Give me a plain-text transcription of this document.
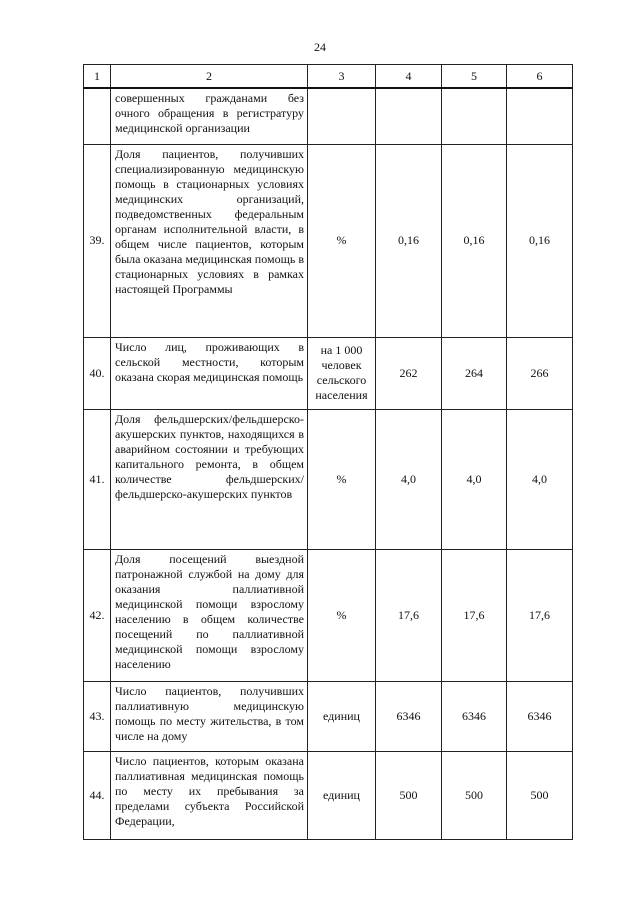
24
1	2	3	4	5	6
	совершенных гражданами без очного обращения в регистратуру медицинской организации				
39.	Доля пациентов, получивших специализированную медицинскую помощь в стационарных условиях медицинских организаций, подведомственных федеральным органам исполнительной власти, в общем числе пациентов, которым была оказана медицинская помощь в стационарных условиях в рамках настоящей Программы	%	0,16	0,16	0,16
40.	Число лиц, проживающих в сельской местности, которым оказана скорая медицинская помощь	на 1 000 человек сельского населения	262	264	266
41.	Доля фельдшерских/фельдшерско-акушерских пунктов, находящихся в аварийном состоянии и требующих капитального ремонта, в общем количестве фельдшерских/фельдшерско-акушерских пунктов	%	4,0	4,0	4,0
42.	Доля посещений выездной патронажной службой на дому для оказания паллиативной медицинской помощи взрослому населению в общем количестве посещений по паллиативной медицинской помощи взрослому населению	%	17,6	17,6	17,6
43.	Число пациентов, получивших паллиативную медицинскую помощь по месту жительства, в том числе на дому	единиц	6346	6346	6346
44.	Число пациентов, которым оказана паллиативная медицинская помощь по месту их пребывания за пределами субъекта Российской Федерации,	единиц	500	500	500
